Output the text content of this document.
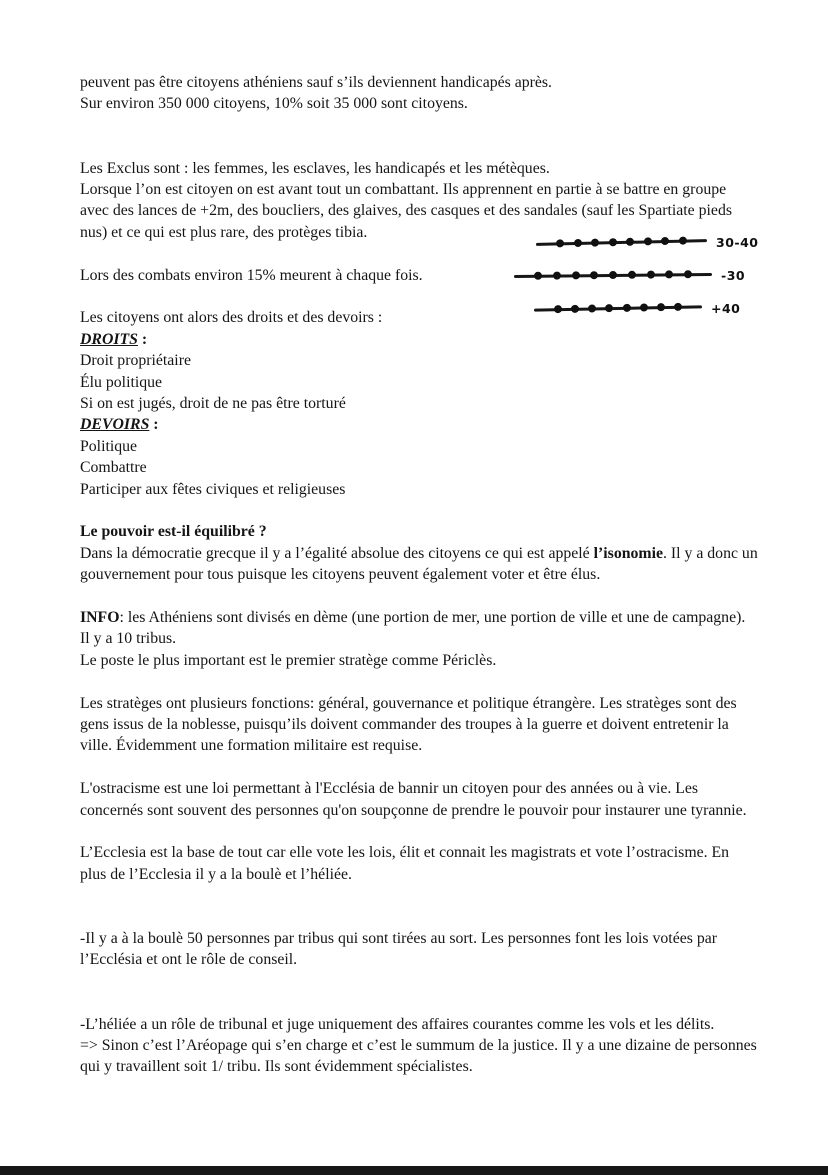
peuvent pas être citoyens athéniens sauf s’ils deviennent handicapés après.

Sur environ 350 000 citoyens, 10% soit 35 000 sont citoyens.

Les Exclus sont : les femmes, les esclaves, les handicapés et les métèques.

Lorsque l’on est citoyen on est avant tout un combattant. Ils apprennent en partie à se battre en groupe avec des lances de +2m, des boucliers, des glaives, des casques et des sandales (sauf les Spartiate pieds nus) et ce qui est plus rare, des protèges tibia.

Lors des combats environ 15% meurent à chaque fois.

Les citoyens ont alors des droits et des devoirs :

DROITS :

Droit propriétaire

Élu politique

Si on est jugés, droit de ne pas être torturé

DEVOIRS :

Politique

Combattre

Participer aux fêtes civiques et religieuses

Le pouvoir est-il équilibré ?

Dans la démocratie grecque il y a l’égalité absolue des citoyens ce qui est appelé l’isonomie. Il y a donc un gouvernement pour tous puisque les citoyens peuvent également voter et être élus.

INFO: les Athéniens sont divisés en dème (une portion de mer, une portion de ville et une de campagne). Il y a 10 tribus.

Le poste le plus important est le premier stratège comme Périclès.

Les stratèges ont plusieurs fonctions: général, gouvernance et politique étrangère. Les stratèges sont des gens issus de la noblesse, puisqu’ils doivent commander des troupes à la guerre et doivent entretenir la ville. Évidemment une formation militaire est requise.

L'ostracisme est une loi permettant à l'Ecclésia de bannir un citoyen pour des années ou à vie. Les concernés sont souvent des personnes qu'on soupçonne de prendre le pouvoir pour instaurer une tyrannie.

L’Ecclesia est la base de tout car elle vote les lois, élit et connait les magistrats et vote l’ostracisme. En plus de l’Ecclesia il y a la boulè et l’héliée.

-Il y a à la boulè 50 personnes par tribus qui sont tirées au sort. Les personnes font les lois votées par l’Ecclésia et ont le rôle de conseil.

-L’héliée a un rôle de tribunal et juge uniquement des affaires courantes comme les vols et les délits.

=> Sinon c’est l’Aréopage qui s’en charge et c’est le summum de la justice. Il y a une dizaine de personnes qui y travaillent soit 1/ tribu. Ils sont évidemment spécialistes.

30-40
-30
+40
